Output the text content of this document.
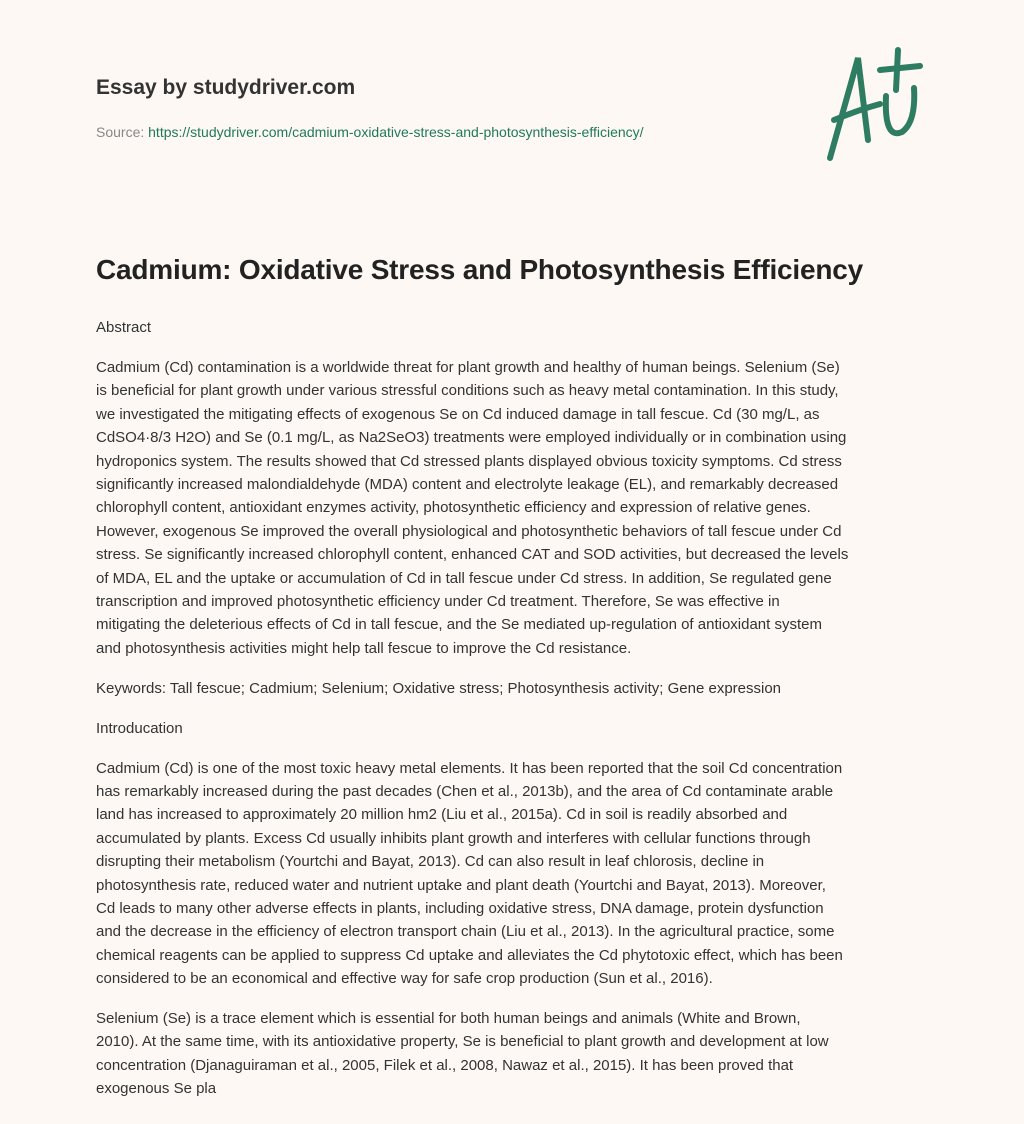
Essay by studydriver.com
Source: https://studydriver.com/cadmium-oxidative-stress-and-photosynthesis-efficiency/
Cadmium: Oxidative Stress and Photosynthesis Efficiency

Abstract

Cadmium (Cd) contamination is a worldwide threat for plant growth and healthy of human beings. Selenium (Se)
is beneficial for plant growth under various stressful conditions such as heavy metal contamination. In this study,
we investigated the mitigating effects of exogenous Se on Cd induced damage in tall fescue. Cd (30 mg/L, as
CdSO4·8/3 H2O) and Se (0.1 mg/L, as Na2SeO3) treatments were employed individually or in combination using
hydroponics system. The results showed that Cd stressed plants displayed obvious toxicity symptoms. Cd stress
significantly increased malondialdehyde (MDA) content and electrolyte leakage (EL), and remarkably decreased
chlorophyll content, antioxidant enzymes activity, photosynthetic efficiency and expression of relative genes.
However, exogenous Se improved the overall physiological and photosynthetic behaviors of tall fescue under Cd
stress. Se significantly increased chlorophyll content, enhanced CAT and SOD activities, but decreased the levels
of MDA, EL and the uptake or accumulation of Cd in tall fescue under Cd stress. In addition, Se regulated gene
transcription and improved photosynthetic efficiency under Cd treatment. Therefore, Se was effective in
mitigating the deleterious effects of Cd in tall fescue, and the Se mediated up-regulation of antioxidant system
and photosynthesis activities might help tall fescue to improve the Cd resistance.

Keywords: Tall fescue; Cadmium; Selenium; Oxidative stress; Photosynthesis activity; Gene expression

Introducation

Cadmium (Cd) is one of the most toxic heavy metal elements. It has been reported that the soil Cd concentration
has remarkably increased during the past decades (Chen et al., 2013b), and the area of Cd contaminate arable
land has increased to approximately 20 million hm2 (Liu et al., 2015a). Cd in soil is readily absorbed and
accumulated by plants. Excess Cd usually inhibits plant growth and interferes with cellular functions through
disrupting their metabolism (Yourtchi and Bayat, 2013). Cd can also result in leaf chlorosis, decline in
photosynthesis rate, reduced water and nutrient uptake and plant death (Yourtchi and Bayat, 2013). Moreover,
Cd leads to many other adverse effects in plants, including oxidative stress, DNA damage, protein dysfunction
and the decrease in the efficiency of electron transport chain (Liu et al., 2013). In the agricultural practice, some
chemical reagents can be applied to suppress Cd uptake and alleviates the Cd phytotoxic effect, which has been
considered to be an economical and effective way for safe crop production (Sun et al., 2016).

Selenium (Se) is a trace element which is essential for both human beings and animals (White and Brown,
2010). At the same time, with its antioxidative property, Se is beneficial to plant growth and development at low
concentration (Djanaguiraman et al., 2005, Filek et al., 2008, Nawaz et al., 2015). It has been proved that
exogenous Se pla
